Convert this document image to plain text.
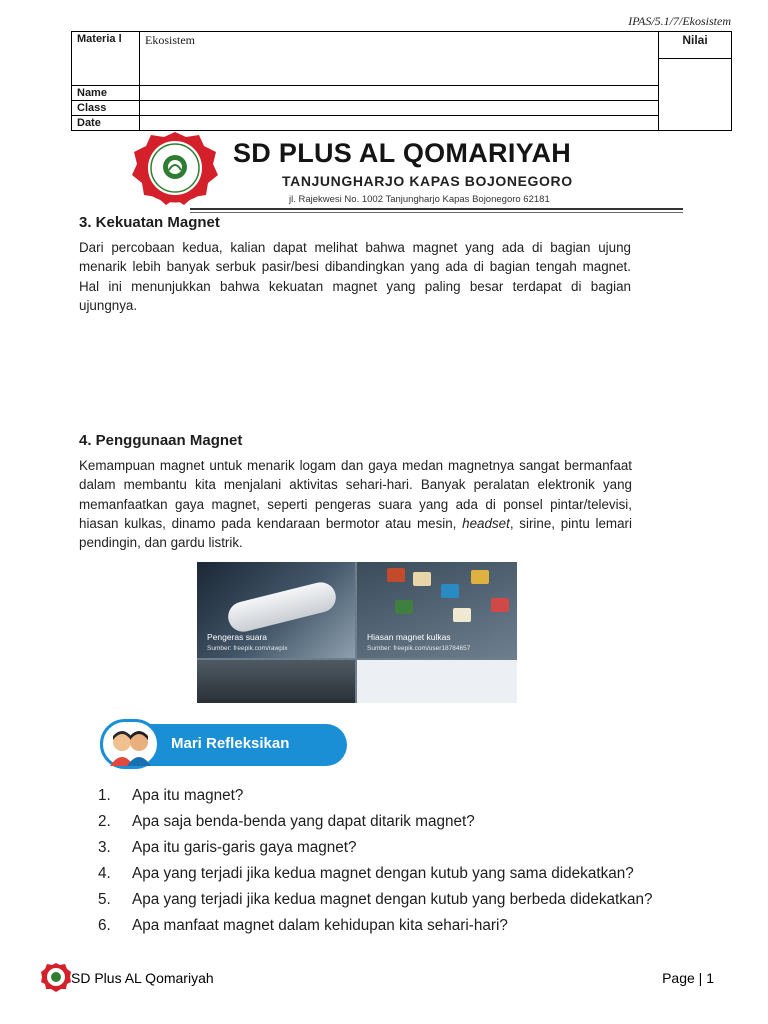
IPAS/5.1/7/Ekosistem
Materia l	Ekosistem	Nilai

Name		
Class		
Date		
SD PLUS AL QOMARIYAH
TANJUNGHARJO KAPAS BOJONEGORO
jl. Rajekwesi No. 1002 Tanjungharjo Kapas Bojonegoro 62181
3. Kekuatan Magnet
Dari percobaan kedua, kalian dapat melihat bahwa magnet yang ada di bagian ujung menarik lebih banyak serbuk pasir/besi dibandingkan yang ada di bagian tengah magnet. Hal ini menunjukkan bahwa kekuatan magnet yang paling besar terdapat di bagian ujungnya.
4. Penggunaan Magnet
Kemampuan magnet untuk menarik logam dan gaya medan magnetnya sangat bermanfaat dalam membantu kita menjalani aktivitas sehari-hari. Banyak peralatan elektronik yang memanfaatkan gaya magnet, seperti pengeras suara yang ada di ponsel pintar/televisi, hiasan kulkas, dinamo pada kendaraan bermotor atau mesin, headset, sirine, pintu lemari pendingin, dan gardu listrik.
Pengeras suara
Sumber: freepik.com/rawpix
Hiasan magnet kulkas
Sumber: freepik.com/user18784657
Mari Refleksikan
1. Apa itu magnet?
2. Apa saja benda-benda yang dapat ditarik magnet?
3. Apa itu garis-garis gaya magnet?
4. Apa yang terjadi jika kedua magnet dengan kutub yang sama didekatkan?
5. Apa yang terjadi jika kedua magnet dengan kutub yang berbeda didekatkan?
6. Apa manfaat magnet dalam kehidupan kita sehari-hari?
SD Plus AL Qomariyah	Page | 1
